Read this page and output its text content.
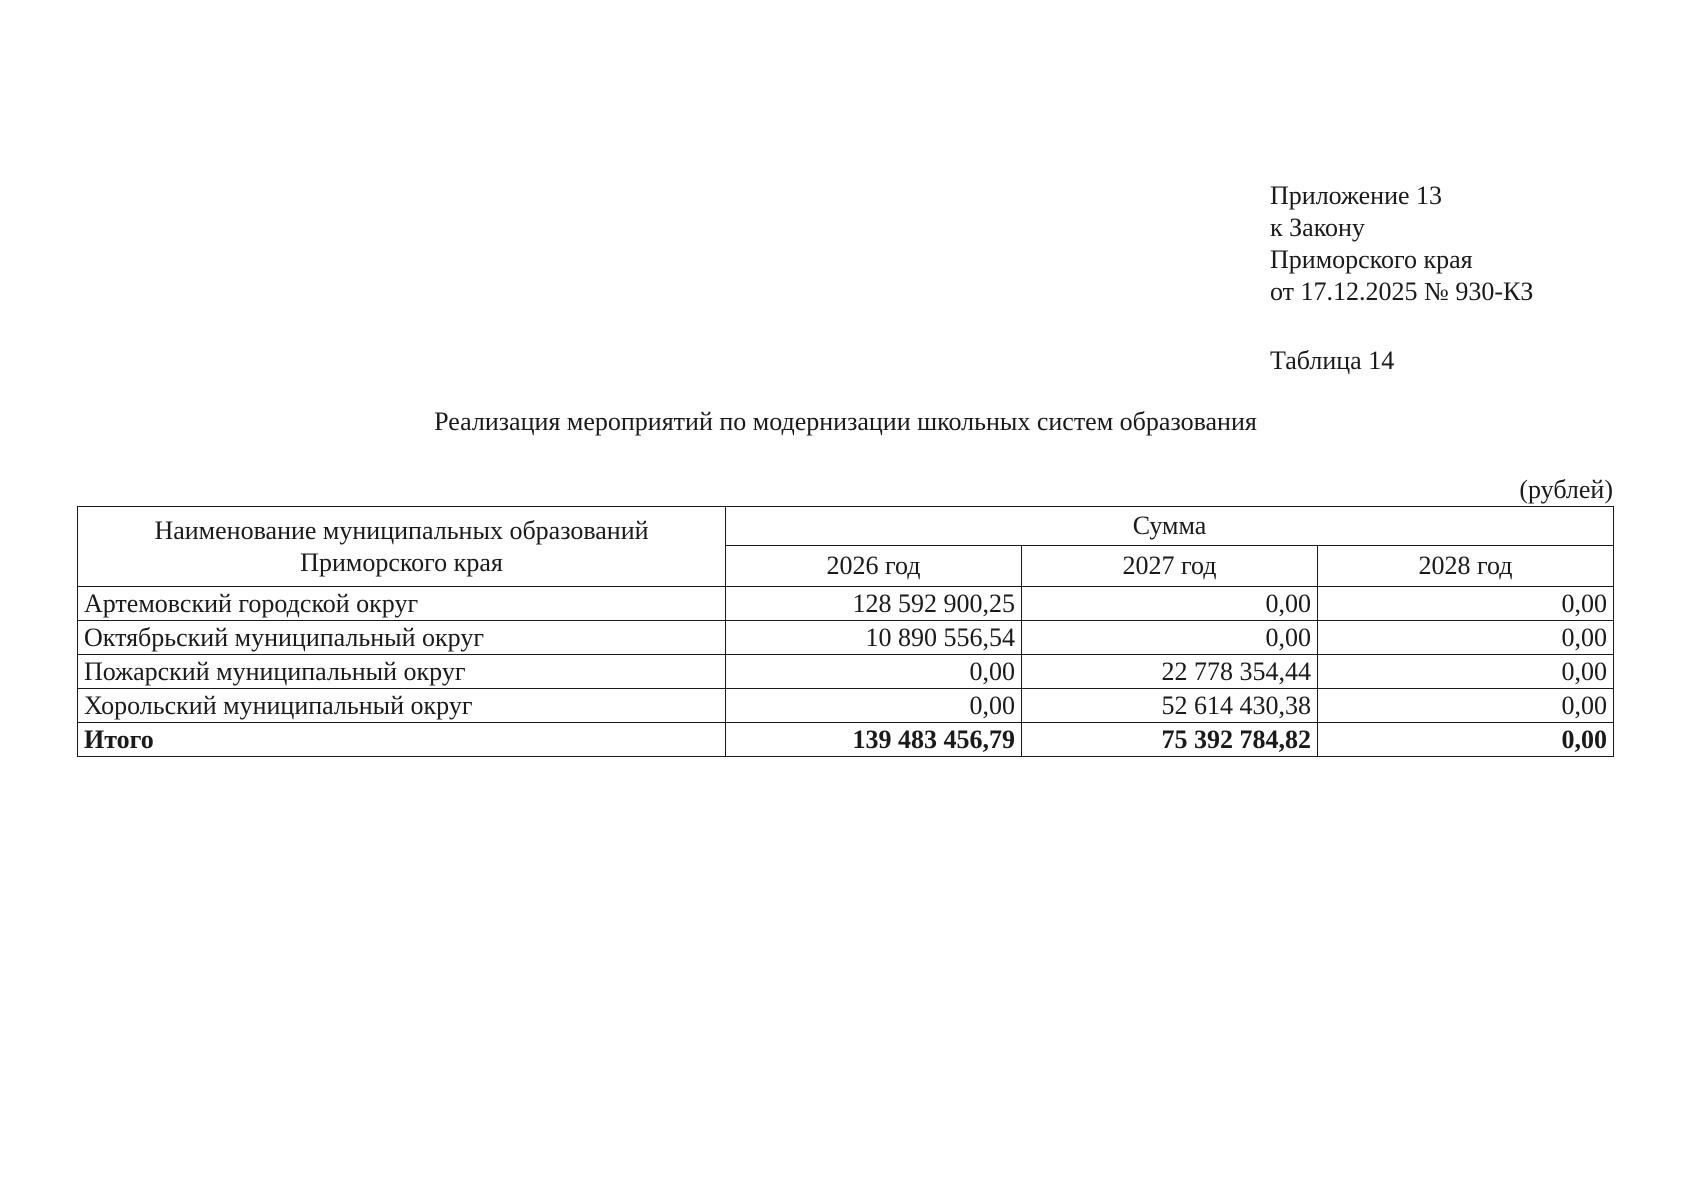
Приложение 13
к Закону
Приморского края
от 17.12.2025 № 930-КЗ
Таблица 14
Реализация мероприятий по модернизации школьных систем образования
(рублей)
Наименование муниципальных образований
Приморского края	Сумма		
	2026 год	2027 год	2028 год
Артемовский городской округ	128 592 900,25	0,00	0,00
Октябрьский муниципальный округ	10 890 556,54	0,00	0,00
Пожарский муниципальный округ	0,00	22 778 354,44	0,00
Хорольский муниципальный округ	0,00	52 614 430,38	0,00
Итого	139 483 456,79	75 392 784,82	0,00
